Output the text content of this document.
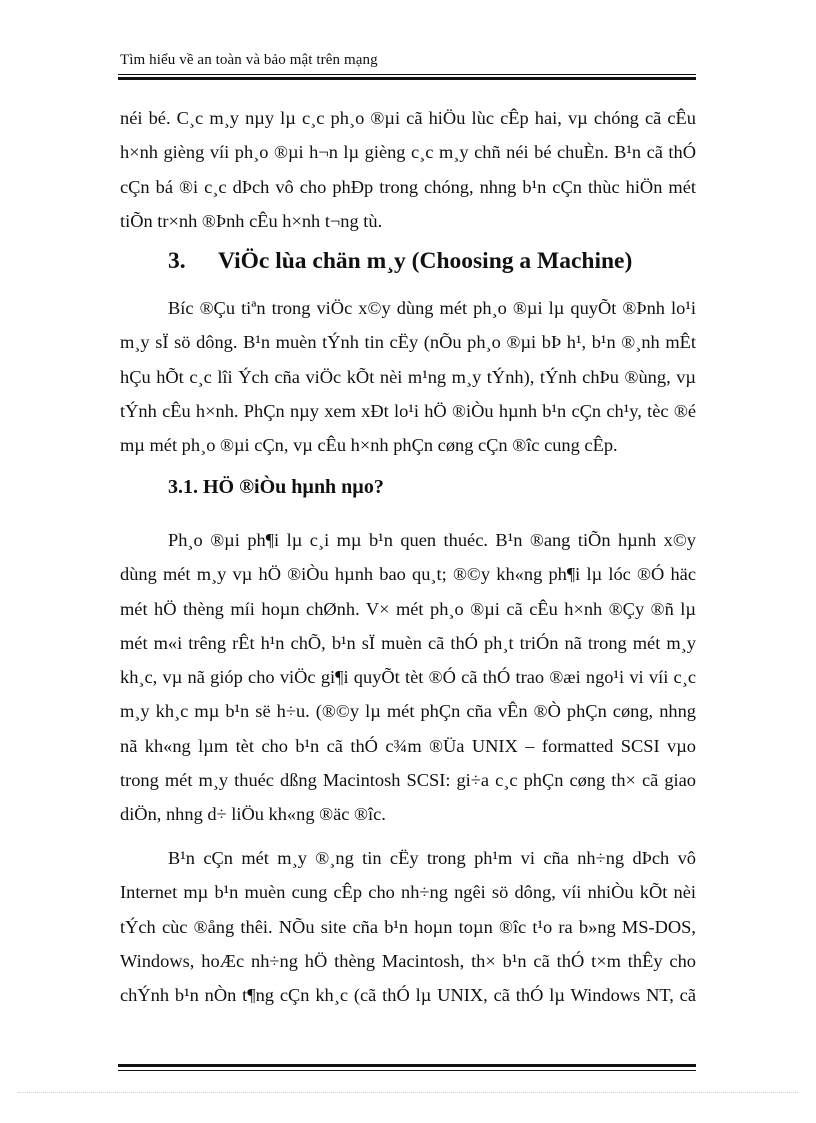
Tìm hiểu về an toàn và bảo mật trên mạng

néi bé. C¸c m¸y nµy lµ c¸c ph¸o ®µi cã hiÖu lùc cÊp hai, vµ chóng cã cÊu h×nh gièng víi ph¸o ®µi h¬n lµ gièng c¸c m¸y chñ néi bé chuÈn. B¹n cã thÓ cÇn bá ®i c¸c dÞch vô cho phÐp trong chóng, nhng b¹n cÇn thùc hiÖn mét tiÕn tr×nh ®Þnh cÊu h×nh t¬ng tù.

3. ViÖc lùa chän m¸y (Choosing a Machine)

Bíc ®Çu tiªn trong viÖc x©y dùng mét ph¸o ®µi lµ quyÕt ®Þnh lo¹i m¸y sÏ sö dông. B¹n muèn tÝnh tin cËy (nÕu ph¸o ®µi bÞ h¹, b¹n ®¸nh mÊt hÇu hÕt c¸c lîi Ých cña viÖc kÕt nèi m¹ng m¸y tÝnh), tÝnh chÞu ®ùng, vµ tÝnh cÊu h×nh. PhÇn nµy xem xÐt lo¹i hÖ ®iÒu hµnh b¹n cÇn ch¹y, tèc ®é mµ mét ph¸o ®µi cÇn, vµ cÊu h×nh phÇn cøng cÇn ®îc cung cÊp.

3.1. HÖ ®iÒu hµnh nµo?

Ph¸o ®µi ph¶i lµ c¸i mµ b¹n quen thuéc. B¹n ®ang tiÕn hµnh x©y dùng mét m¸y vµ hÖ ®iÒu hµnh bao qu¸t; ®©y kh«ng ph¶i lµ lóc ®Ó häc mét hÖ thèng míi hoµn chØnh. V× mét ph¸o ®µi cã cÊu h×nh ®Çy ®ñ lµ mét m«i trêng rÊt h¹n chÕ, b¹n sÏ muèn cã thÓ ph¸t triÓn nã trong mét m¸y kh¸c, vµ nã gióp cho viÖc gi¶i quyÕt tèt ®Ó cã thÓ trao ®æi ngo¹i vi víi c¸c m¸y kh¸c mµ b¹n së h÷u. (®©y lµ mét phÇn cña vÊn ®Ò phÇn cøng, nhng nã kh«ng lµm tèt cho b¹n cã thÓ c¾m ®Üa UNIX – formatted SCSI vµo trong mét m¸y thuéc dßng Macintosh SCSI: gi÷a c¸c phÇn cøng th× cã giao diÖn, nhng d÷ liÖu kh«ng ®äc ®îc.

B¹n cÇn mét m¸y ®¸ng tin cËy trong ph¹m vi cña nh÷ng dÞch vô Internet mµ b¹n muèn cung cÊp cho nh÷ng ngêi sö dông, víi nhiÒu kÕt nèi tÝch cùc ®ång thêi. NÕu site cña b¹n hoµn toµn ®îc t¹o ra b»ng MS-DOS, Windows, hoÆc nh÷ng hÖ thèng Macintosh, th× b¹n cã thÓ t×m thÊy cho chÝnh b¹n nÒn t¶ng cÇn kh¸c (cã thÓ lµ UNIX, cã thÓ lµ Windows NT, cã
